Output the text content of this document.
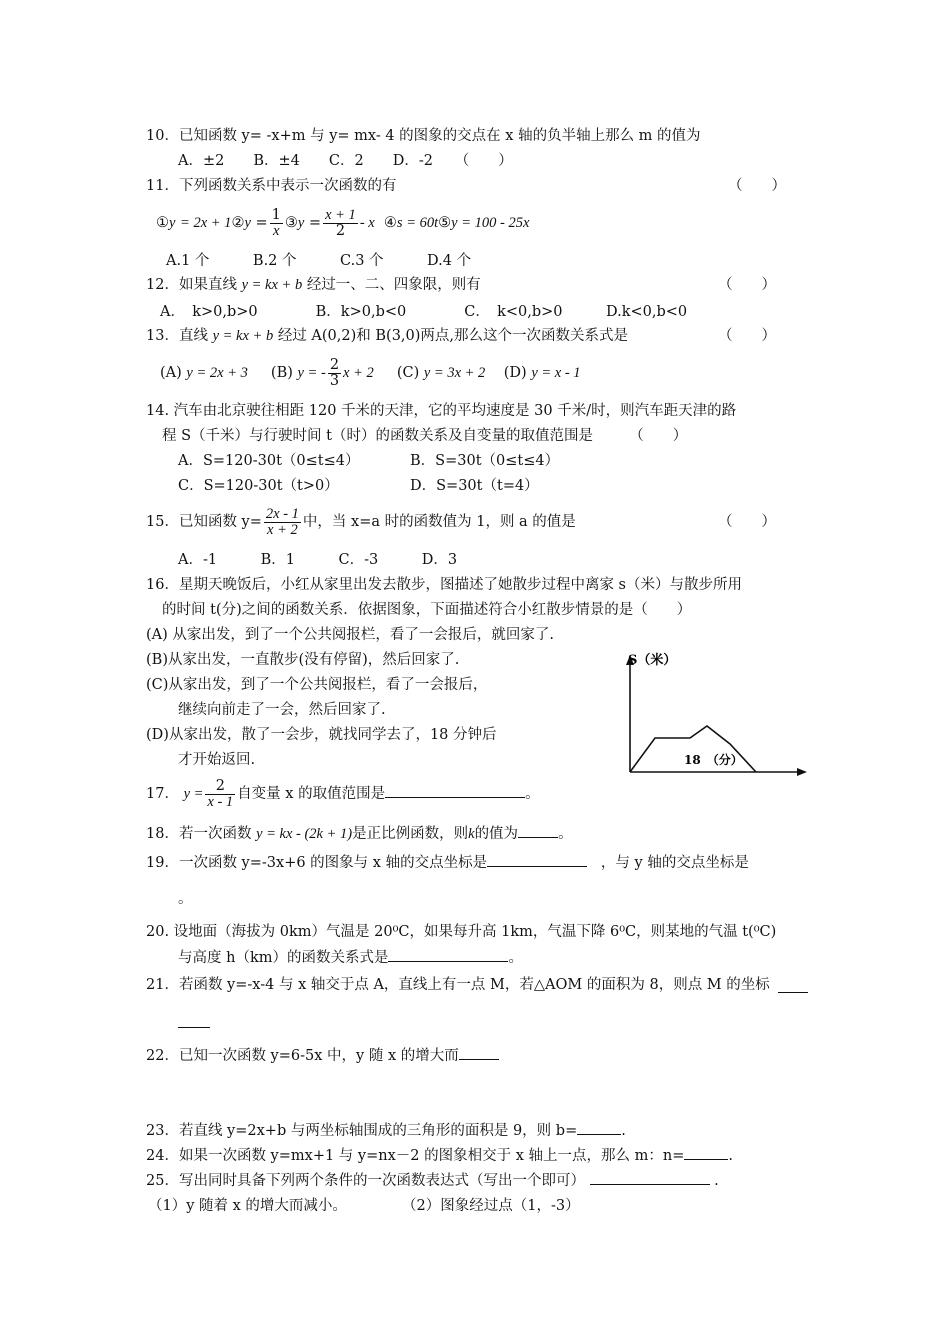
10．已知函数 y= -x+m 与 y= mx- 4 的图象的交点在 x 轴的负半轴上那么 m 的值为
A．±2　　B．±4　　C．2　　D．-2　　（　　）
11．下列函数关系中表示一次函数的有	（　　）
①y = 2x + 1②y = $\frac{1}{x}$ ③y = $\frac{x + 1}{2}$ - x ④s = 60t⑤y = 100 - 25x
A.1 个　　　B.2 个　　　C.3 个　　　D.4 个
12．如果直线 y = kx + b 经过一、二、四象限，则有	（　　）
A．　k>0,b>0　　　　B．k>0,b<0　　　　C．　k<0,b>0　　　D.k<0,b<0
13．直线 y = kx + b 经过 A(0,2)和 B(3,0)两点,那么这个一次函数关系式是	（　　）
(A) y = 2x + 3 (B) y = - $\frac{2}{3}$ x + 2 (C) y = 3x + 2 (D) y = x - 1
14. 汽车由北京驶往相距 120 千米的天津，它的平均速度是 30 千米/时，则汽车距天津的路
程 S（千米）与行驶时间 t（时）的函数关系及自变量的取值范围是　　　（　　）
A．S=120-30t（0≤t≤4）	B．S=30t（0≤t≤4）
C．S=120-30t（t>0）	D．S=30t（t=4）
15．已知函数 $y= \frac{2x - 1}{x + 2}$ 中，当 x=a 时的函数值为 1，则 a 的值是	（　　）
A．-1　　　B．1　　　C．-3　　　D．3
16．星期天晚饭后，小红从家里出发去散步，图描述了她散步过程中离家 s（米）与散步所用
的时间 t(分)之间的函数关系．依据图象，下面描述符合小红散步情景的是（　　）
(A) 从家出发，到了一个公共阅报栏，看了一会报后，就回家了.
(B)从家出发，一直散步(没有停留)，然后回家了.
(C)从家出发，到了一个公共阅报栏，看了一会报后，
继续向前走了一会，然后回家了.
(D)从家出发，散了一会步，就找同学去了，18 分钟后
才开始返回.
S（米）
18　（分）
17． $y = \frac{2}{x - 1}$ 自变量 x 的取值范围是	。
18．若一次函数 y = kx - (2k + 1)是正比例函数，则k的值为	。
19．一次函数 y=-3x+6 的图象与 x 轴的交点坐标是	，与 y 轴的交点坐标是
。
20. 设地面（海拔为 0km）气温是 20⁰C，如果每升高 1km，气温下降 6⁰C，则某地的气温 t(⁰C)
与高度 h（km）的函数关系式是	。
21．若函数 y=-x-4 与 x 轴交于点 A，直线上有一点 M，若△AOM 的面积为 8，则点 M 的坐标
22．已知一次函数 y=6-5x 中，y 随 x 的增大而
23．若直线 y=2x+b 与两坐标轴围成的三角形的面积是 9，则 b=	.
24．如果一次函数 y=mx+1 与 y=nx－2 的图象相交于 x 轴上一点，那么 m：n=	.
25．写出同时具备下列两个条件的一次函数表达式（写出一个即可）	.
（1）y 随着 x 的增大而减小。	（2）图象经过点（1，-3）
